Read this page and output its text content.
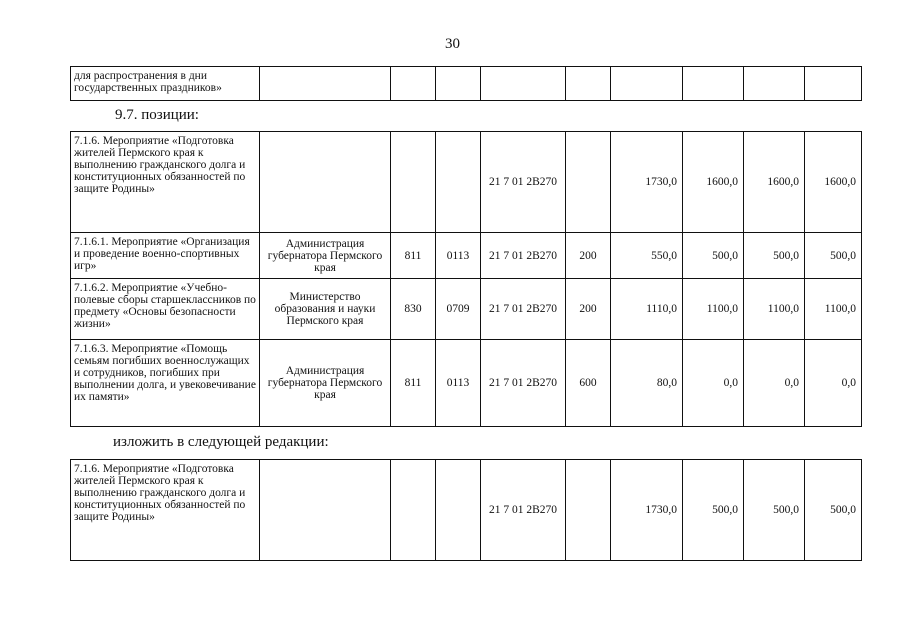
30
для распространения в дни государственных праздников»									
9.7. позиции:
7.1.6. Мероприятие «Подготовка жителей Пермского края к выполнению гражданского долга и конституционных обязанностей по защите Родины»				21 7 01 2В270		1730,0	1600,0	1600,0	1600,0
7.1.6.1. Мероприятие «Организация и проведение военно-спортивных игр»	Администрация губернатора Пермского края	811	0113	21 7 01 2В270	200	550,0	500,0	500,0	500,0
7.1.6.2. Мероприятие «Учебно-полевые сборы старшеклассников по предмету «Основы безопасности жизни»	Министерство образования и науки Пермского края	830	0709	21 7 01 2В270	200	1110,0	1100,0	1100,0	1100,0
7.1.6.3. Мероприятие «Помощь семьям погибших военнослужащих и сотрудников, погибших при выполнении долга, и увековечивание их памяти»	Администрация губернатора Пермского края	811	0113	21 7 01 2В270	600	80,0	0,0	0,0	0,0
изложить в следующей редакции:
7.1.6. Мероприятие «Подготовка жителей Пермского края к выполнению гражданского долга и конституционных обязанностей по защите Родины»				21 7 01 2В270		1730,0	500,0	500,0	500,0
